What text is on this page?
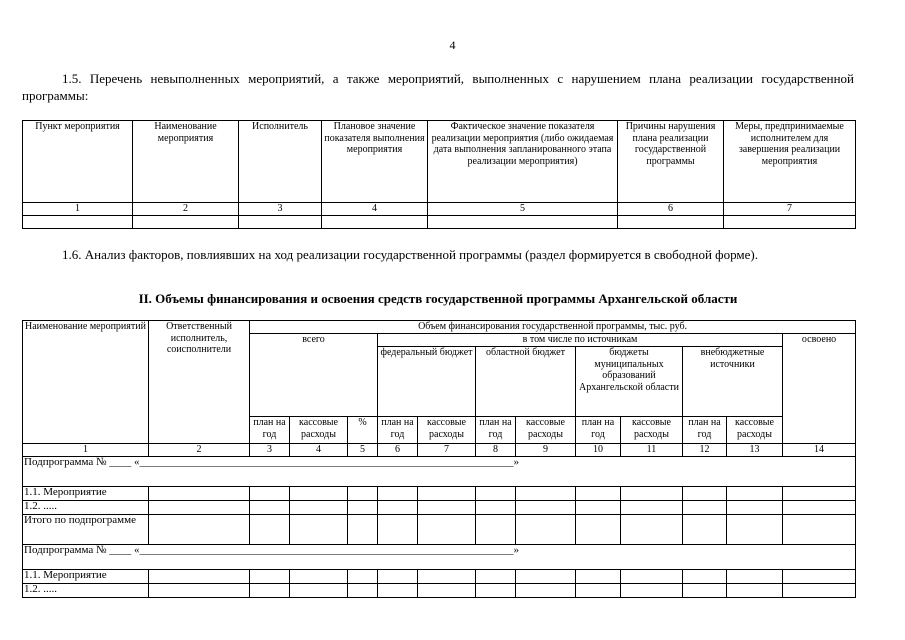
4
1.5. Перечень невыполненных мероприятий, а также мероприятий, выполненных с нарушением плана реализации государственной программы:
Пункт мероприятия	Наименование мероприятия	Исполнитель	Плановое значение показателя выполнения мероприятия	Фактическое значение показателя реализации мероприятия (либо ожидаемая дата выполнения запланированного этапа реализации мероприятия)	Причины нарушения плана реализации государственной программы	Меры, предпринимаемые исполнителем для завершения реализации мероприятия
1	2	3	4	5	6	7

1.6. Анализ факторов, повлиявших на ход реализации государственной программы (раздел формируется в свободной форме).
II. Объемы финансирования и освоения средств государственной программы Архангельской области
Наименование мероприятий	Ответственный исполнитель, соисполнители	Объем финансирования государственной программы, тыс. руб.											
		всего			в том числе по источникам								освоено
					федеральный бюджет		областной бюджет		бюджеты муниципальных образований Архангельской области		внебюджетные источники		
		план на год	кассовые расходы	%	план на год	кассовые расходы	план на год	кассовые расходы	план на год	кассовые расходы	план на год	кассовые расходы	
1	2	3	4	5	6	7	8	9	10	11	12	13	14
Подпрограмма № ____ «____________________________________________________________________»													
1.1. Мероприятие													
1.2. .....													
Итого по подпрограмме													
Подпрограмма № ____ «____________________________________________________________________»													
1.1. Мероприятие													
1.2. .....													
